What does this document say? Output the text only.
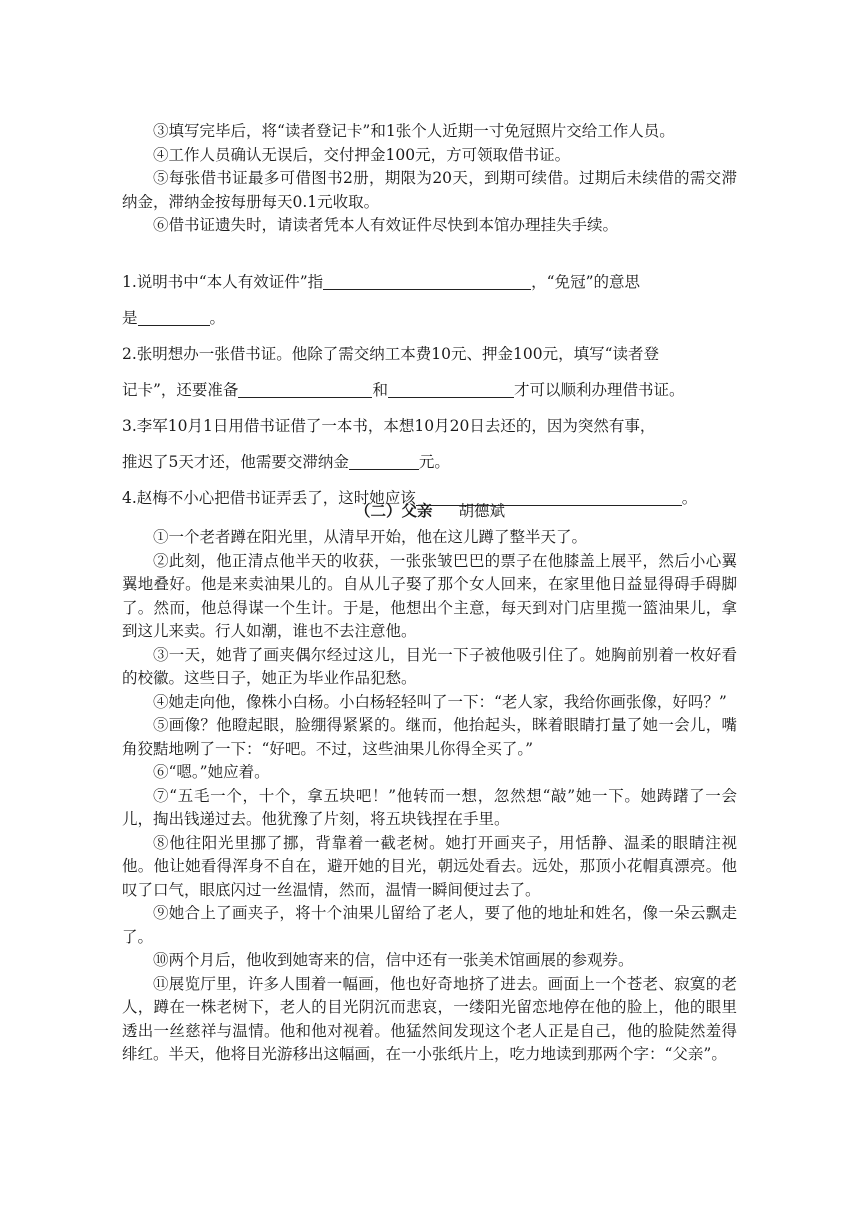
③填写完毕后，将“读者登记卡”和1张个人近期一寸免冠照片交给工作人员。

④工作人员确认无误后，交付押金100元，方可领取借书证。

⑤每张借书证最多可借图书2册，期限为20天，到期可续借。过期后未续借的需交滞纳金，滞纳金按每册每天0.1元收取。

⑥借书证遗失时，请读者凭本人有效证件尽快到本馆办理挂失手续。

1.说明书中“本人有效证件”指	，“免冠”的意思
是	。

2.张明想办一张借书证。他除了需交纳工本费10元、押金100元，填写“读者登
记卡”，还要准备	和	才可以顺利办理借书证。

3.李军10月1日用借书证借了一本书，本想10月20日去还的，因为突然有事，
推迟了5天才还，他需要交滞纳金	元。

4.赵梅不小心把借书证弄丢了，这时她应该	。

（二）父亲 胡德斌

①一个老者蹲在阳光里，从清早开始，他在这儿蹲了整半天了。

②此刻，他正清点他半天的收获，一张张皱巴巴的票子在他膝盖上展平，然后小心翼翼地叠好。他是来卖油果儿的。自从儿子娶了那个女人回来，在家里他日益显得碍手碍脚了。然而，他总得谋一个生计。于是，他想出个主意，每天到对门店里揽一篮油果儿，拿到这儿来卖。行人如潮，谁也不去注意他。

③一天，她背了画夹偶尔经过这儿，目光一下子被他吸引住了。她胸前别着一枚好看的校徽。这些日子，她正为毕业作品犯愁。

④她走向他，像株小白杨。小白杨轻轻叫了一下：“老人家，我给你画张像，好吗？”

⑤画像？他瞪起眼，脸绷得紧紧的。继而，他抬起头，眯着眼睛打量了她一会儿，嘴角狡黠地咧了一下：“好吧。不过，这些油果儿你得全买了。”

⑥“嗯。”她应着。

⑦“五毛一个，十个，拿五块吧！”他转而一想，忽然想“敲”她一下。她踌躇了一会儿，掏出钱递过去。他犹豫了片刻，将五块钱捏在手里。

⑧他往阳光里挪了挪，背靠着一截老树。她打开画夹子，用恬静、温柔的眼睛注视他。他让她看得浑身不自在，避开她的目光，朝远处看去。远处，那顶小花帽真漂亮。他叹了口气，眼底闪过一丝温情，然而，温情一瞬间便过去了。

⑨她合上了画夹子，将十个油果儿留给了老人，要了他的地址和姓名，像一朵云飘走了。

⑩两个月后，他收到她寄来的信，信中还有一张美术馆画展的参观券。

⑪展览厅里，许多人围着一幅画，他也好奇地挤了进去。画面上一个苍老、寂寞的老人，蹲在一株老树下，老人的目光阴沉而悲哀，一缕阳光留恋地停在他的脸上，他的眼里透出一丝慈祥与温情。他和他对视着。他猛然间发现这个老人正是自己，他的脸陡然羞得绯红。半天，他将目光游移出这幅画，在一小张纸片上，吃力地读到那两个字：“父亲”。
